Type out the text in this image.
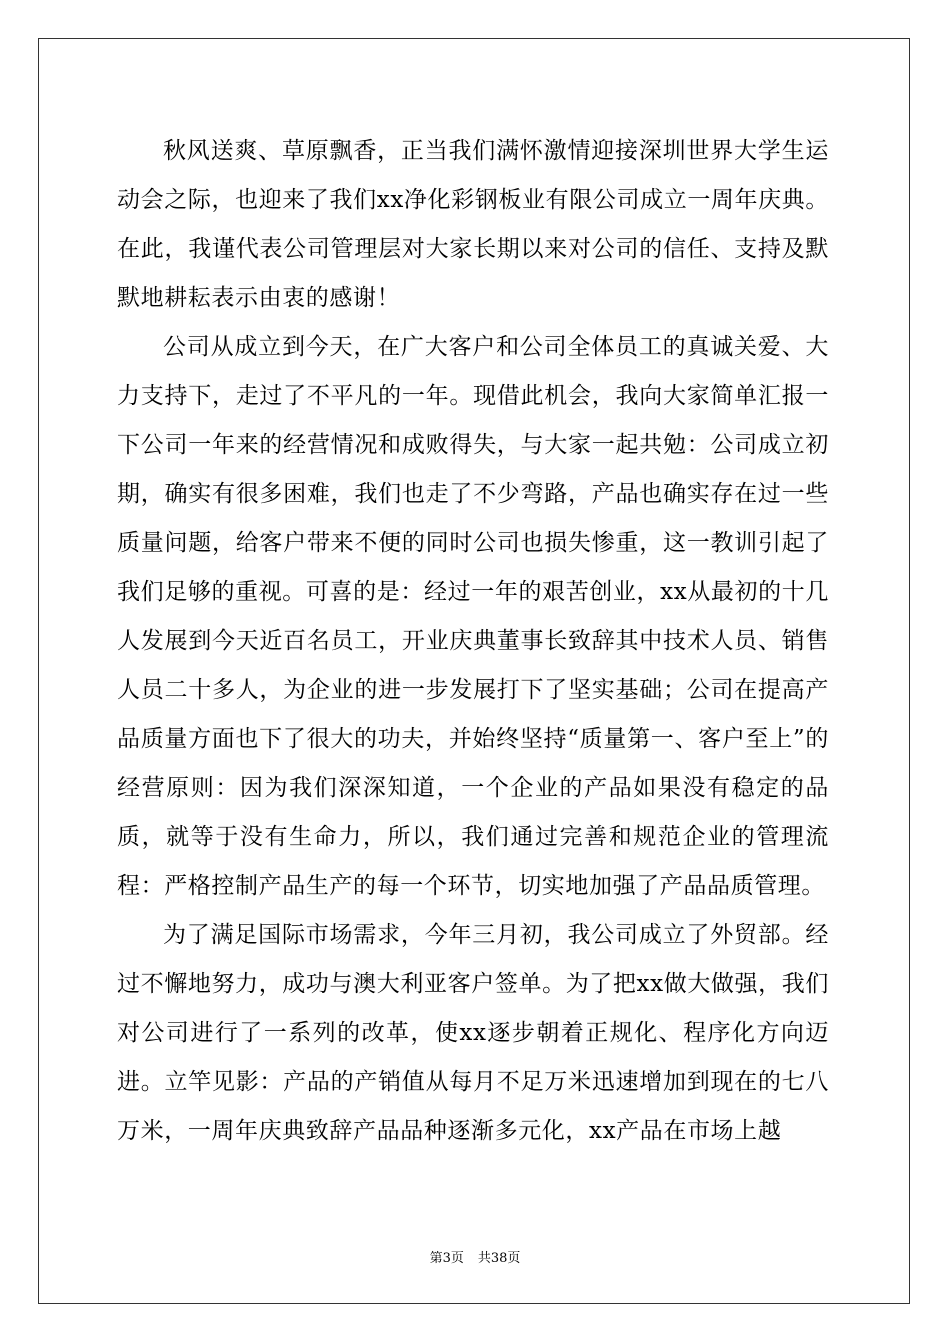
秋风送爽、草原飘香，正当我们满怀激情迎接深圳世界大学生运动会之际，也迎来了我们xx净化彩钢板业有限公司成立一周年庆典。在此，我谨代表公司管理层对大家长期以来对公司的信任、支持及默默地耕耘表示由衷的感谢！

公司从成立到今天，在广大客户和公司全体员工的真诚关爱、大力支持下，走过了不平凡的一年。现借此机会，我向大家简单汇报一下公司一年来的经营情况和成败得失，与大家一起共勉：公司成立初期，确实有很多困难，我们也走了不少弯路，产品也确实存在过一些质量问题，给客户带来不便的同时公司也损失惨重，这一教训引起了我们足够的重视。可喜的是：经过一年的艰苦创业，xx从最初的十几人发展到今天近百名员工，开业庆典董事长致辞其中技术人员、销售人员二十多人，为企业的进一步发展打下了坚实基础；公司在提高产品质量方面也下了很大的功夫，并始终坚持“质量第一、客户至上”的经营原则：因为我们深深知道，一个企业的产品如果没有稳定的品质，就等于没有生命力，所以，我们通过完善和规范企业的管理流程：严格控制产品生产的每一个环节，切实地加强了产品品质管理。

为了满足国际市场需求，今年三月初，我公司成立了外贸部。经过不懈地努力，成功与澳大利亚客户签单。为了把xx做大做强，我们对公司进行了一系列的改革，使xx逐步朝着正规化、程序化方向迈进。立竿见影：产品的产销值从每月不足万米迅速增加到现在的七八万米，一周年庆典致辞产品品种逐渐多元化，xx产品在市场上越

第3页 共38页
